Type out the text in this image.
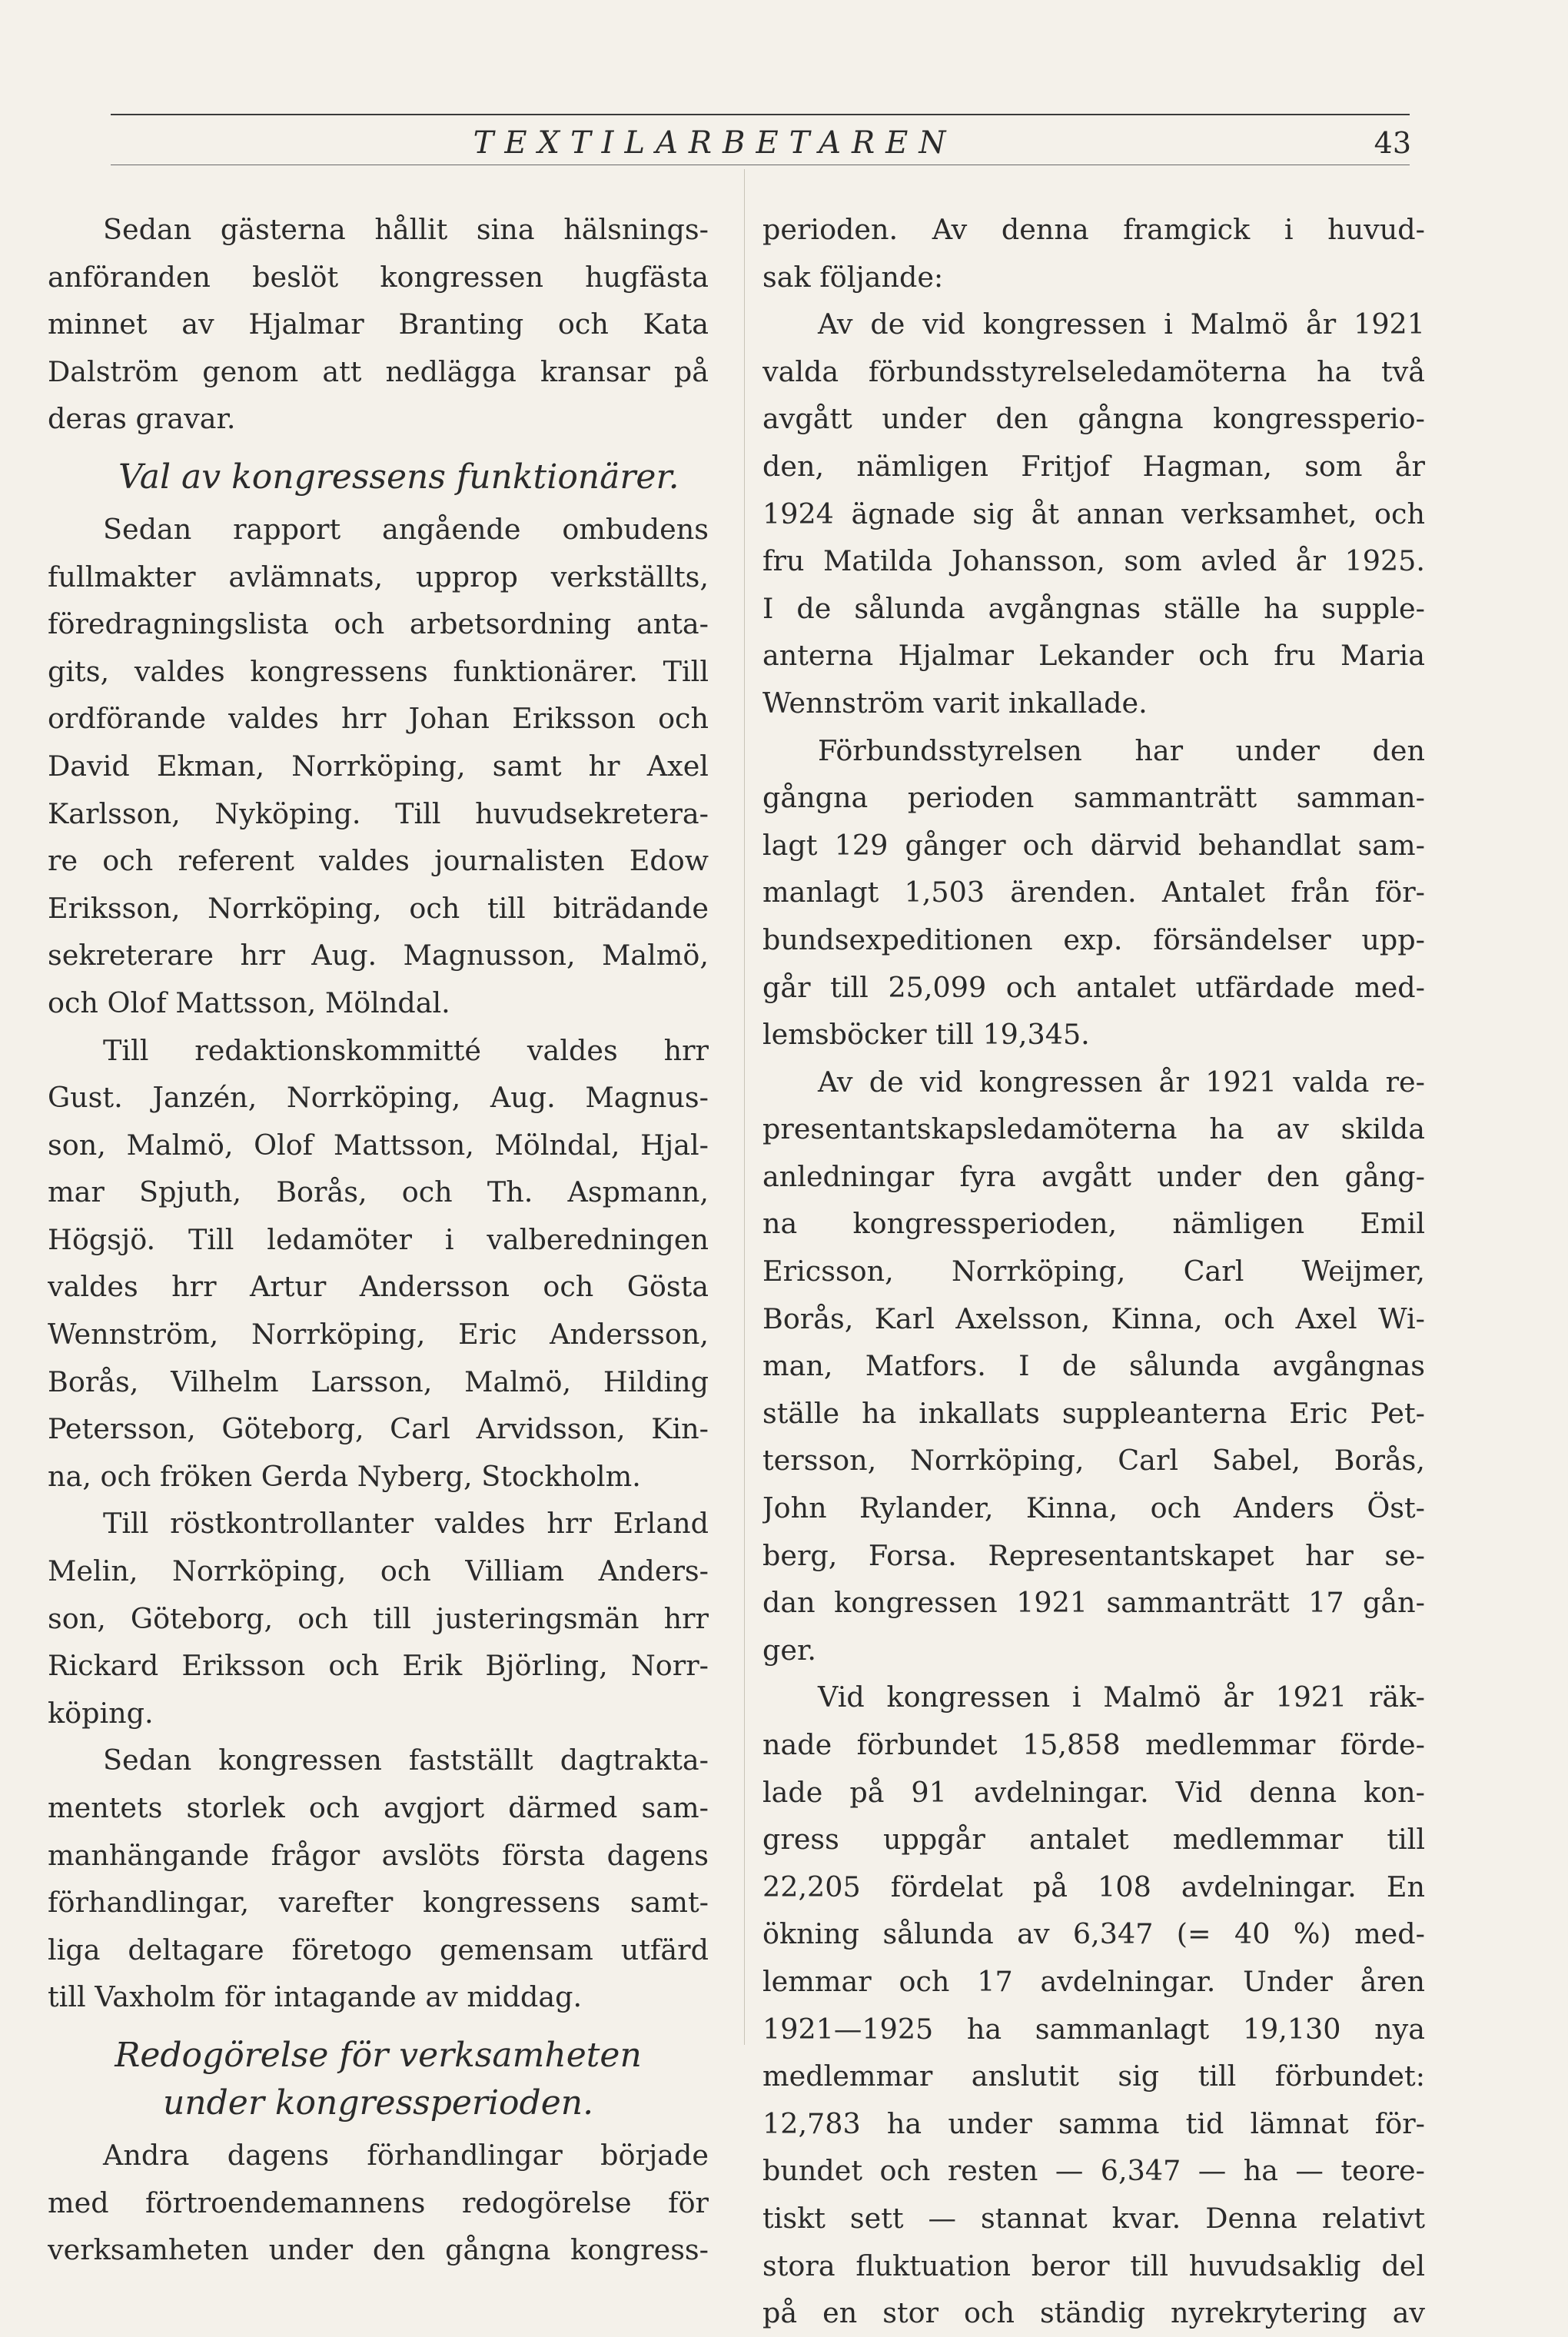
TEXTILARBETAREN	43
Sedan gästerna hållit sina hälsnings-
anföranden beslöt kongressen hugfästa
minnet av Hjalmar Branting och Kata
Dalström genom att nedlägga kransar på
deras gravar.
Val av kongressens funktionärer.
Sedan rapport angående ombudens
fullmakter avlämnats, upprop verkställts,
föredragningslista och arbetsordning anta-
gits, valdes kongressens funktionärer. Till
ordförande valdes hrr Johan Eriksson och
David Ekman, Norrköping, samt hr Axel
Karlsson, Nyköping. Till huvudsekretera-
re och referent valdes journalisten Edow
Eriksson, Norrköping, och till biträdande
sekreterare hrr Aug. Magnusson, Malmö,
och Olof Mattsson, Mölndal.
Till redaktionskommitté valdes hrr
Gust. Janzén, Norrköping, Aug. Magnus-
son, Malmö, Olof Mattsson, Mölndal, Hjal-
mar Spjuth, Borås, och Th. Aspmann,
Högsjö. Till ledamöter i valberedningen
valdes hrr Artur Andersson och Gösta
Wennström, Norrköping, Eric Andersson,
Borås, Vilhelm Larsson, Malmö, Hilding
Petersson, Göteborg, Carl Arvidsson, Kin-
na, och fröken Gerda Nyberg, Stockholm.
Till röstkontrollanter valdes hrr Erland
Melin, Norrköping, och Villiam Anders-
son, Göteborg, och till justeringsmän hrr
Rickard Eriksson och Erik Björling, Norr-
köping.
Sedan kongressen fastställt dagtrakta-
mentets storlek och avgjort därmed sam-
manhängande frågor avslöts första dagens
förhandlingar, varefter kongressens samt-
liga deltagare företogo gemensam utfärd
till Vaxholm för intagande av middag.
Redogörelse för verksamheten
under kongressperioden.
Andra dagens förhandlingar började
med förtroendemannens redogörelse för
verksamheten under den gångna kongress-
perioden. Av denna framgick i huvud-
sak följande:
Av de vid kongressen i Malmö år 1921
valda förbundsstyrelseledamöterna ha två
avgått under den gångna kongressperio-
den, nämligen Fritjof Hagman, som år
1924 ägnade sig åt annan verksamhet, och
fru Matilda Johansson, som avled år 1925.
I de sålunda avgångnas ställe ha supple-
anterna Hjalmar Lekander och fru Maria
Wennström varit inkallade.
Förbundsstyrelsen har under den
gångna perioden sammanträtt samman-
lagt 129 gånger och därvid behandlat sam-
manlagt 1,503 ärenden. Antalet från för-
bundsexpeditionen exp. försändelser upp-
går till 25,099 och antalet utfärdade med-
lemsböcker till 19,345.
Av de vid kongressen år 1921 valda re-
presentantskapsledamöterna ha av skilda
anledningar fyra avgått under den gång-
na kongressperioden, nämligen Emil
Ericsson, Norrköping, Carl Weijmer,
Borås, Karl Axelsson, Kinna, och Axel Wi-
man, Matfors. I de sålunda avgångnas
ställe ha inkallats suppleanterna Eric Pet-
tersson, Norrköping, Carl Sabel, Borås,
John Rylander, Kinna, och Anders Öst-
berg, Forsa. Representantskapet har se-
dan kongressen 1921 sammanträtt 17 gån-
ger.
Vid kongressen i Malmö år 1921 räk-
nade förbundet 15,858 medlemmar förde-
lade på 91 avdelningar. Vid denna kon-
gress uppgår antalet medlemmar till
22,205 fördelat på 108 avdelningar. En
ökning sålunda av 6,347 (= 40 %) med-
lemmar och 17 avdelningar. Under åren
1921—1925 ha sammanlagt 19,130 nya
medlemmar anslutit sig till förbundet:
12,783 ha under samma tid lämnat för-
bundet och resten — 6,347 — ha — teore-
tiskt sett — stannat kvar. Denna relativt
stora fluktuation beror till huvudsaklig del
på en stor och ständig nyrekrytering av
